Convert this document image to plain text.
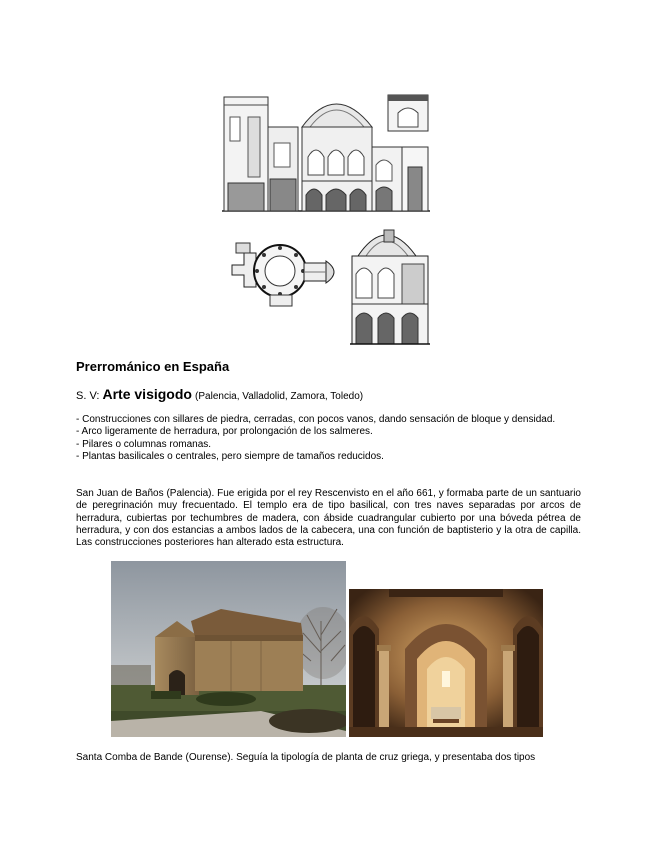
Prerrománico en España
S. V: Arte visigodo (Palencia, Valladolid, Zamora, Toledo)
- Construcciones con sillares de piedra, cerradas, con pocos vanos, dando sensación de bloque y densidad.
- Arco ligeramente de herradura, por prolongación de los salmeres.
- Pilares o columnas romanas.
- Plantas basilicales o centrales, pero siempre de tamaños reducidos.
San Juan de Baños (Palencia). Fue erigida por el rey Rescenvisto en el año 661, y formaba parte de un santuario de peregrinación muy frecuentado. El templo era de tipo basilical, con tres naves separadas por arcos de herradura, cubiertas por techumbres de madera, con ábside cuadrangular cubierto por una bóveda pétrea de herradura, y con dos estancias a ambos lados de la cabecera, una con función de baptisterio y la otra de capilla. Las construcciones posteriores han alterado esta estructura.
Santa Comba de Bande (Ourense). Seguía la tipología de planta de cruz griega, y presentaba dos tipos
